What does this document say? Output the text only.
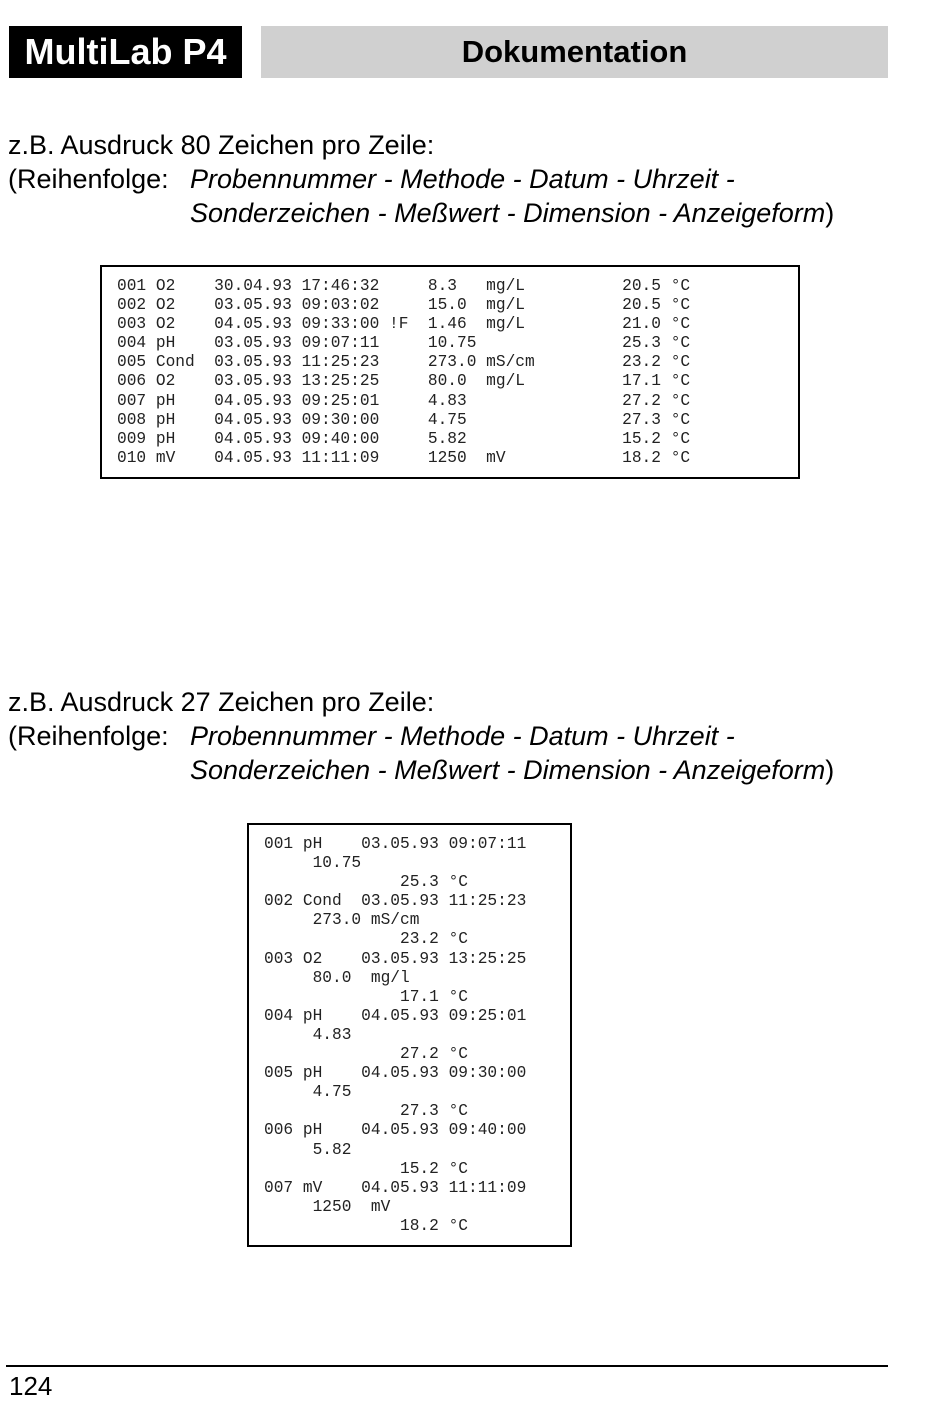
MultiLab P4	Dokumentation
z.B. Ausdruck 80 Zeichen pro Zeile:
(Reihenfolge: Probennummer - Methode - Datum - Uhrzeit -
Sonderzeichen - Meßwert - Dimension - Anzeigeform)
001 O2    30.04.93 17:46:32     8.3   mg/L          20.5 °C
002 O2    03.05.93 09:03:02     15.0  mg/L          20.5 °C
003 O2    04.05.93 09:33:00 !F  1.46  mg/L          21.0 °C
004 pH    03.05.93 09:07:11     10.75               25.3 °C
005 Cond  03.05.93 11:25:23     273.0 mS/cm         23.2 °C
006 O2    03.05.93 13:25:25     80.0  mg/L          17.1 °C
007 pH    04.05.93 09:25:01     4.83                27.2 °C
008 pH    04.05.93 09:30:00     4.75                27.3 °C
009 pH    04.05.93 09:40:00     5.82                15.2 °C
010 mV    04.05.93 11:11:09     1250  mV            18.2 °C
z.B. Ausdruck 27 Zeichen pro Zeile:
(Reihenfolge: Probennummer - Methode - Datum - Uhrzeit -
Sonderzeichen - Meßwert - Dimension - Anzeigeform)
001 pH    03.05.93 09:07:11
10.75
25.3 °C
002 Cond  03.05.93 11:25:23
273.0 mS/cm
23.2 °C
003 O2    03.05.93 13:25:25
80.0  mg/l
17.1 °C
004 pH    04.05.93 09:25:01
4.83
27.2 °C
005 pH    04.05.93 09:30:00
4.75
27.3 °C
006 pH    04.05.93 09:40:00
5.82
15.2 °C
007 mV    04.05.93 11:11:09
1250  mV
18.2 °C
124
